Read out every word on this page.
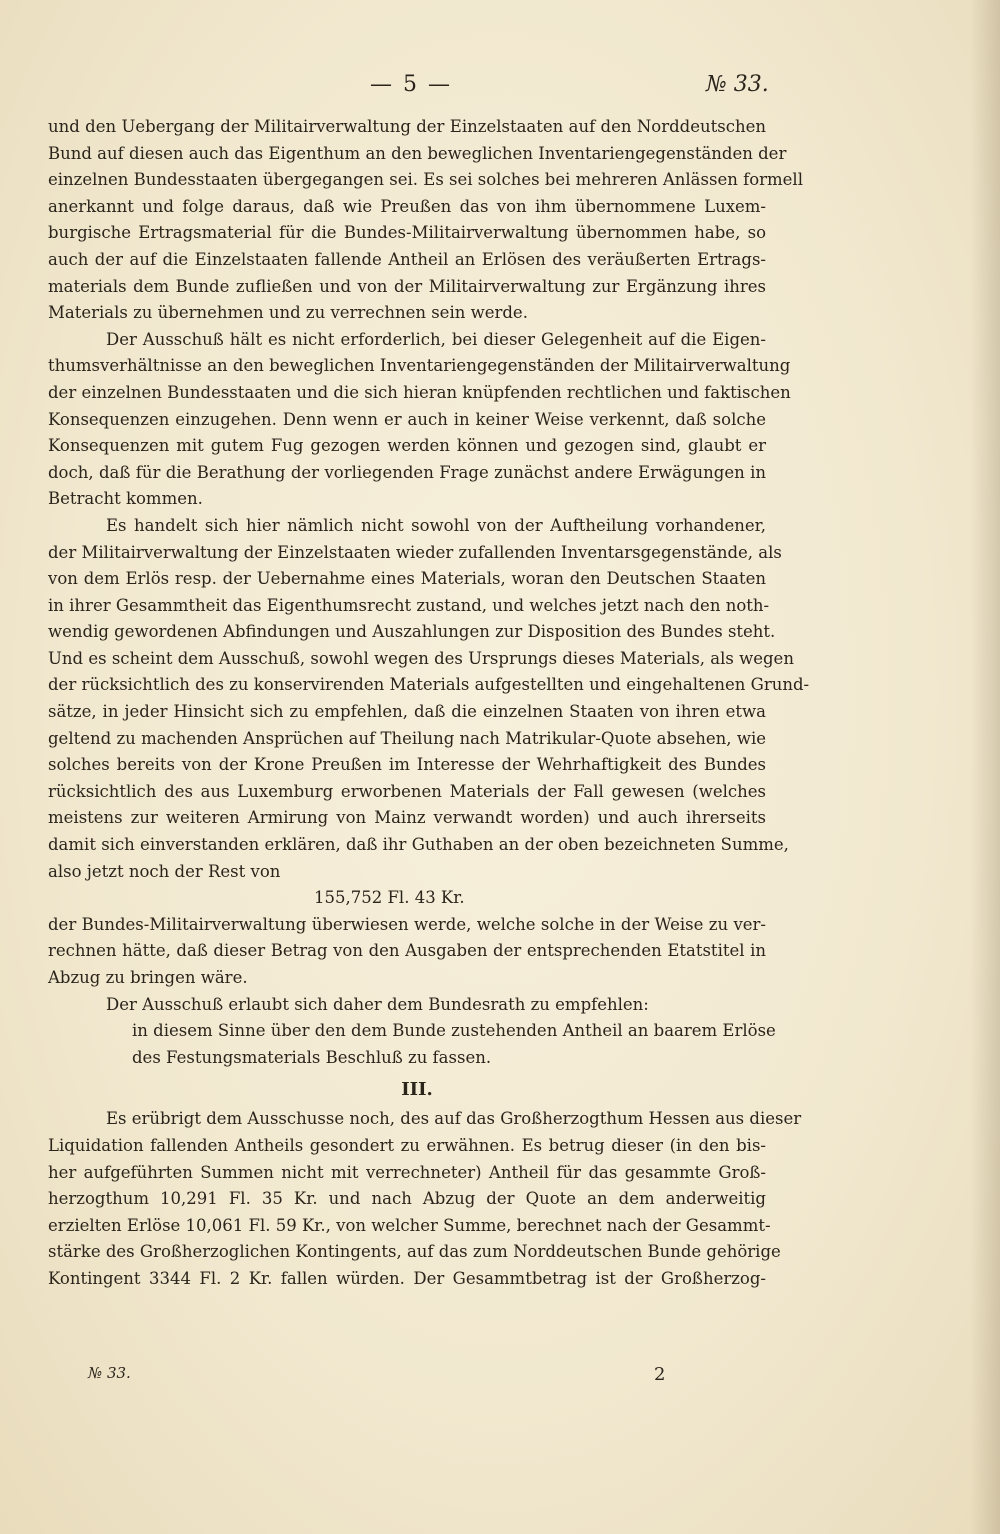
— 5 —	№ 33.
und den Uebergang der Militairverwaltung der Einzelstaaten auf den Norddeutschen
Bund auf diesen auch das Eigenthum an den beweglichen Inventariengegenständen der
einzelnen Bundesstaaten übergegangen sei. Es sei solches bei mehreren Anlässen formell
anerkannt und folge daraus, daß wie Preußen das von ihm übernommene Luxem-
burgische Ertragsmaterial für die Bundes-Militairverwaltung übernommen habe, so
auch der auf die Einzelstaaten fallende Antheil an Erlösen des veräußerten Ertrags-
materials dem Bunde zufließen und von der Militairverwaltung zur Ergänzung ihres
Materials zu übernehmen und zu verrechnen sein werde.
Der Ausschuß hält es nicht erforderlich, bei dieser Gelegenheit auf die Eigen-
thumsverhältnisse an den beweglichen Inventariengegenständen der Militairverwaltung
der einzelnen Bundesstaaten und die sich hieran knüpfenden rechtlichen und faktischen
Konsequenzen einzugehen. Denn wenn er auch in keiner Weise verkennt, daß solche
Konsequenzen mit gutem Fug gezogen werden können und gezogen sind, glaubt er
doch, daß für die Berathung der vorliegenden Frage zunächst andere Erwägungen in
Betracht kommen.
Es handelt sich hier nämlich nicht sowohl von der Auftheilung vorhandener,
der Militairverwaltung der Einzelstaaten wieder zufallenden Inventarsgegenstände, als
von dem Erlös resp. der Uebernahme eines Materials, woran den Deutschen Staaten
in ihrer Gesammtheit das Eigenthumsrecht zustand, und welches jetzt nach den noth-
wendig gewordenen Abfindungen und Auszahlungen zur Disposition des Bundes steht.
Und es scheint dem Ausschuß, sowohl wegen des Ursprungs dieses Materials, als wegen
der rücksichtlich des zu konservirenden Materials aufgestellten und eingehaltenen Grund-
sätze, in jeder Hinsicht sich zu empfehlen, daß die einzelnen Staaten von ihren etwa
geltend zu machenden Ansprüchen auf Theilung nach Matrikular-Quote absehen, wie
solches bereits von der Krone Preußen im Interesse der Wehrhaftigkeit des Bundes
rücksichtlich des aus Luxemburg erworbenen Materials der Fall gewesen (welches
meistens zur weiteren Armirung von Mainz verwandt worden) und auch ihrerseits
damit sich einverstanden erklären, daß ihr Guthaben an der oben bezeichneten Summe,
also jetzt noch der Rest von
155,752 Fl. 43 Kr.
der Bundes-Militairverwaltung überwiesen werde, welche solche in der Weise zu ver-
rechnen hätte, daß dieser Betrag von den Ausgaben der entsprechenden Etatstitel in
Abzug zu bringen wäre.
Der Ausschuß erlaubt sich daher dem Bundesrath zu empfehlen:
in diesem Sinne über den dem Bunde zustehenden Antheil an baarem Erlöse
des Festungsmaterials Beschluß zu fassen.
III.
Es erübrigt dem Ausschusse noch, des auf das Großherzogthum Hessen aus dieser
Liquidation fallenden Antheils gesondert zu erwähnen. Es betrug dieser (in den bis-
her aufgeführten Summen nicht mit verrechneter) Antheil für das gesammte Groß-
herzogthum 10,291 Fl. 35 Kr. und nach Abzug der Quote an dem anderweitig
erzielten Erlöse 10,061 Fl. 59 Kr., von welcher Summe, berechnet nach der Gesammt-
stärke des Großherzoglichen Kontingents, auf das zum Norddeutschen Bunde gehörige
Kontingent 3344 Fl. 2 Kr. fallen würden. Der Gesammtbetrag ist der Großherzog-
№ 33.	2
